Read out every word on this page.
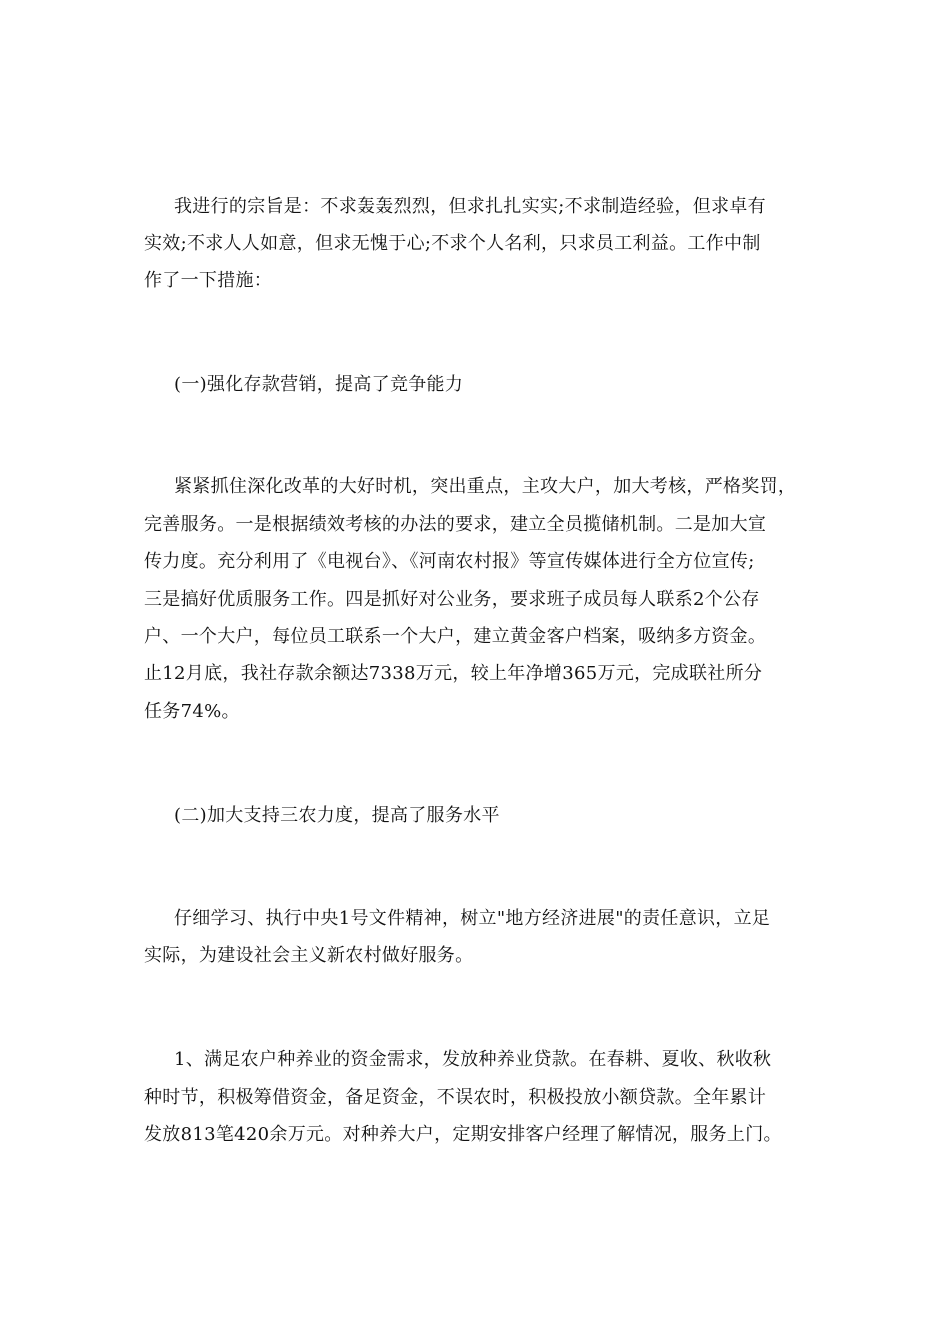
我进行的宗旨是：不求轰轰烈烈，但求扎扎实实;不求制造经验，但求卓有
实效;不求人人如意，但求无愧于心;不求个人名利，只求员工利益。工作中制
作了一下措施：
(一)强化存款营销，提高了竞争能力
紧紧抓住深化改革的大好时机，突出重点，主攻大户，加大考核，严格奖罚，
完善服务。一是根据绩效考核的办法的要求，建立全员揽储机制。二是加大宣
传力度。充分利用了《电视台》、《河南农村报》等宣传媒体进行全方位宣传;
三是搞好优质服务工作。四是抓好对公业务，要求班子成员每人联系2个公存
户、一个大户，每位员工联系一个大户，建立黄金客户档案，吸纳多方资金。
止12月底，我社存款余额达7338万元，较上年净增365万元，完成联社所分
任务74%。
(二)加大支持三农力度，提高了服务水平
仔细学习、执行中央1号文件精神，树立"地方经济进展"的责任意识，立足
实际，为建设社会主义新农村做好服务。
1、满足农户种养业的资金需求，发放种养业贷款。在春耕、夏收、秋收秋
种时节，积极筹借资金，备足资金，不误农时，积极投放小额贷款。全年累计
发放813笔420余万元。对种养大户，定期安排客户经理了解情况，服务上门。
